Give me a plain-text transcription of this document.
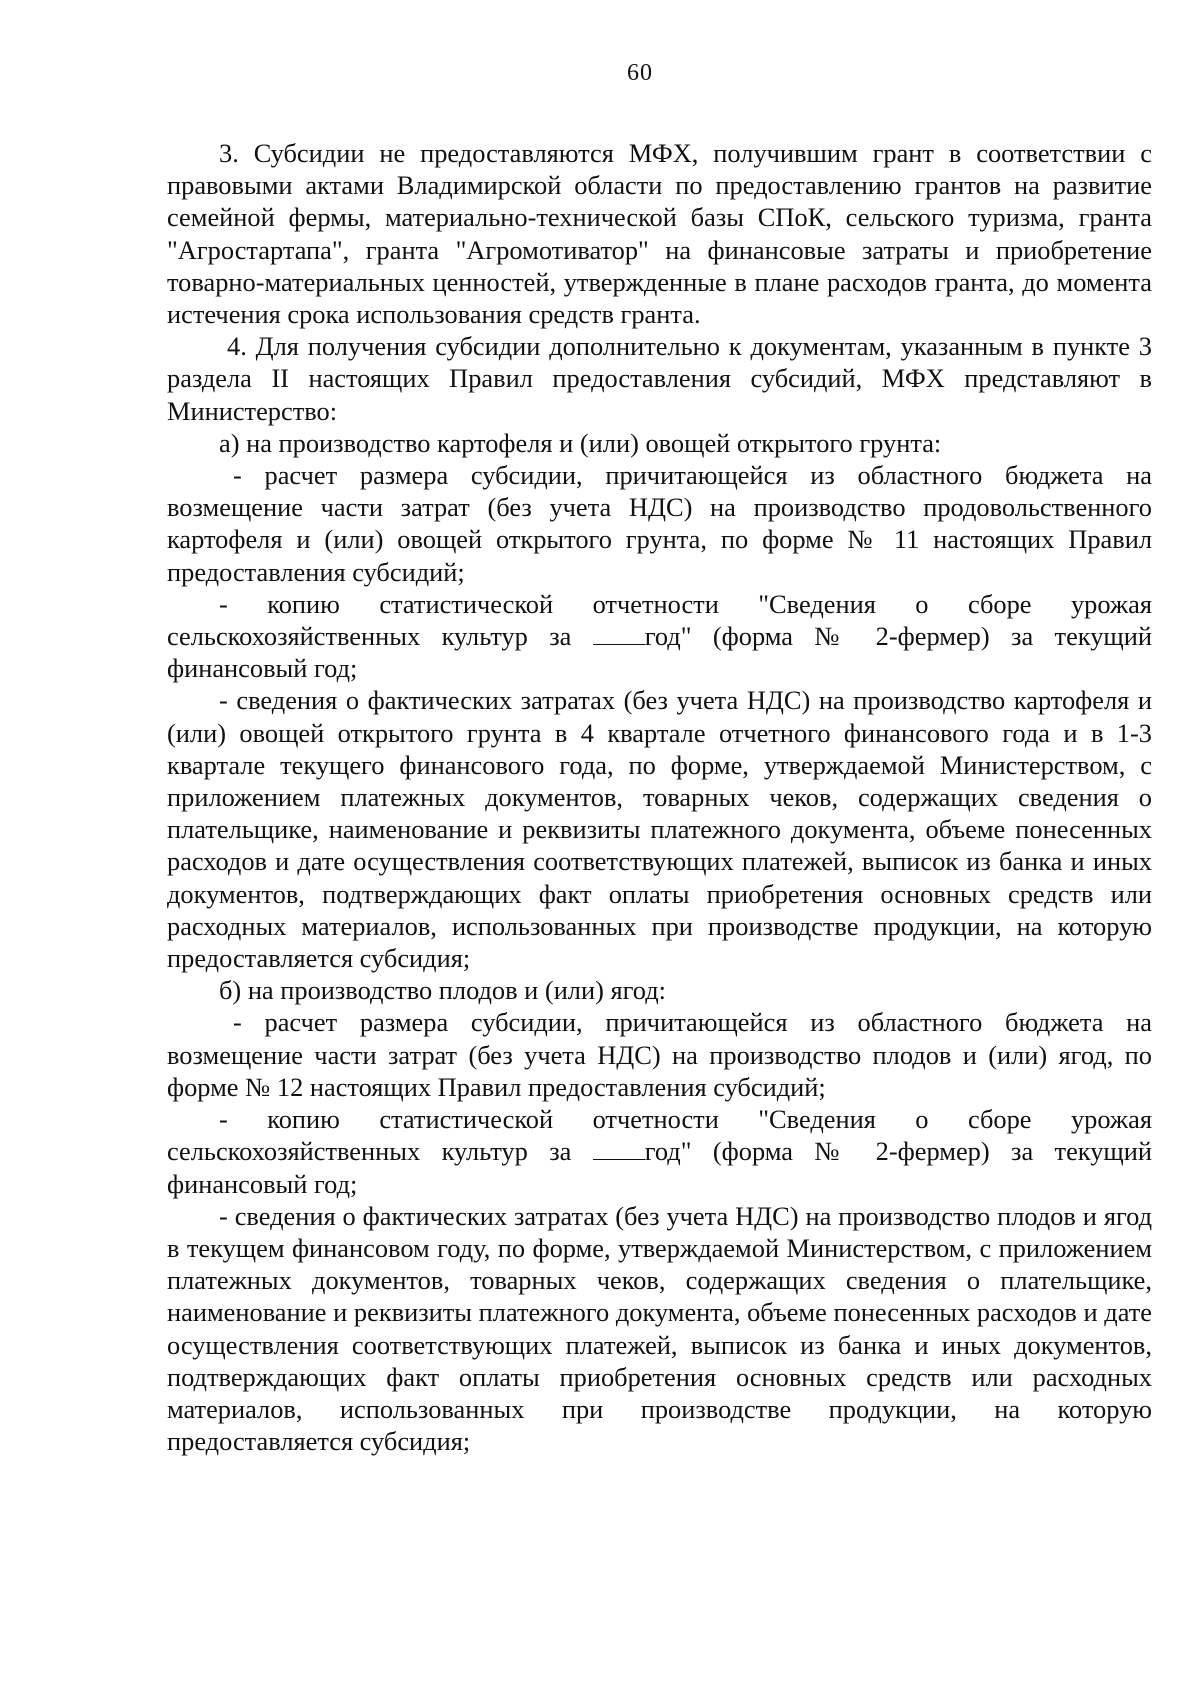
60

3. Субсидии не предоставляются МФХ, получившим грант в соответствии с правовыми актами Владимирской области по предоставлению грантов на развитие семейной фермы, материально-технической базы СПоК, сельского туризма, гранта "Агростартапа", гранта "Агромотиватор" на финансовые затраты и приобретение товарно-материальных ценностей, утвержденные в плане расходов гранта, до момента истечения срока использования средств гранта.

4. Для получения субсидии дополнительно к документам, указанным в пункте 3 раздела II настоящих Правил предоставления субсидий, МФХ представляют в Министерство:

а) на производство картофеля и (или) овощей открытого грунта:

- расчет размера субсидии, причитающейся из областного бюджета на возмещение части затрат (без учета НДС) на производство продовольственного картофеля и (или) овощей открытого грунта, по форме № 11 настоящих Правил предоставления субсидий;

- копию статистической отчетности "Сведения о сборе урожая сельскохозяйственных культур за год" (форма № 2-фермер) за текущий финансовый год;

- сведения о фактических затратах (без учета НДС) на производство картофеля и (или) овощей открытого грунта в 4 квартале отчетного финансового года и в 1-3 квартале текущего финансового года, по форме, утверждаемой Министерством, с приложением платежных документов, товарных чеков, содержащих сведения о плательщике, наименование и реквизиты платежного документа, объеме понесенных расходов и дате осуществления соответствующих платежей, выписок из банка и иных документов, подтверждающих факт оплаты приобретения основных средств или расходных материалов, использованных при производстве продукции, на которую предоставляется субсидия;

б) на производство плодов и (или) ягод:

- расчет размера субсидии, причитающейся из областного бюджета на возмещение части затрат (без учета НДС) на производство плодов и (или) ягод, по форме № 12 настоящих Правил предоставления субсидий;

- копию статистической отчетности "Сведения о сборе урожая сельскохозяйственных культур за год" (форма № 2-фермер) за текущий финансовый год;

- сведения о фактических затратах (без учета НДС) на производство плодов и ягод в текущем финансовом году, по форме, утверждаемой Министерством, с приложением платежных документов, товарных чеков, содержащих сведения о плательщике, наименование и реквизиты платежного документа, объеме понесенных расходов и дате осуществления соответствующих платежей, выписок из банка и иных документов, подтверждающих факт оплаты приобретения основных средств или расходных материалов, использованных при производстве продукции, на которую предоставляется субсидия;
